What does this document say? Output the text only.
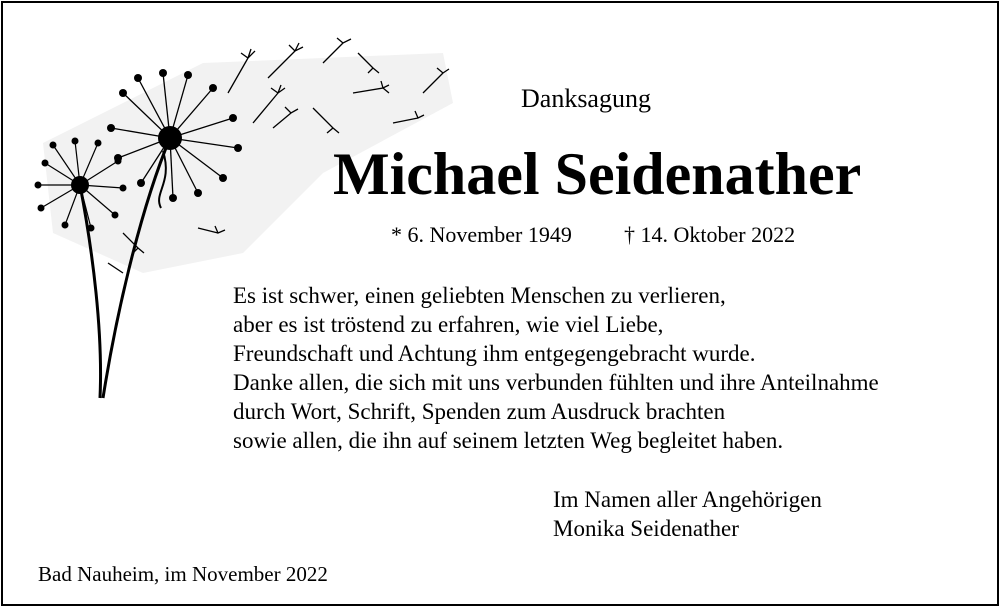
Danksagung
Michael Seidenather
* 6. November 1949 † 14. Oktober 2022
Es ist schwer, einen geliebten Menschen zu verlieren,
aber es ist tröstend zu erfahren, wie viel Liebe,
Freundschaft und Achtung ihm entgegengebracht wurde.
Danke allen, die sich mit uns verbunden fühlten und ihre Anteilnahme
durch Wort, Schrift, Spenden zum Ausdruck brachten
sowie allen, die ihn auf seinem letzten Weg begleitet haben.
Im Namen aller Angehörigen
Monika Seidenather
Bad Nauheim, im November 2022
